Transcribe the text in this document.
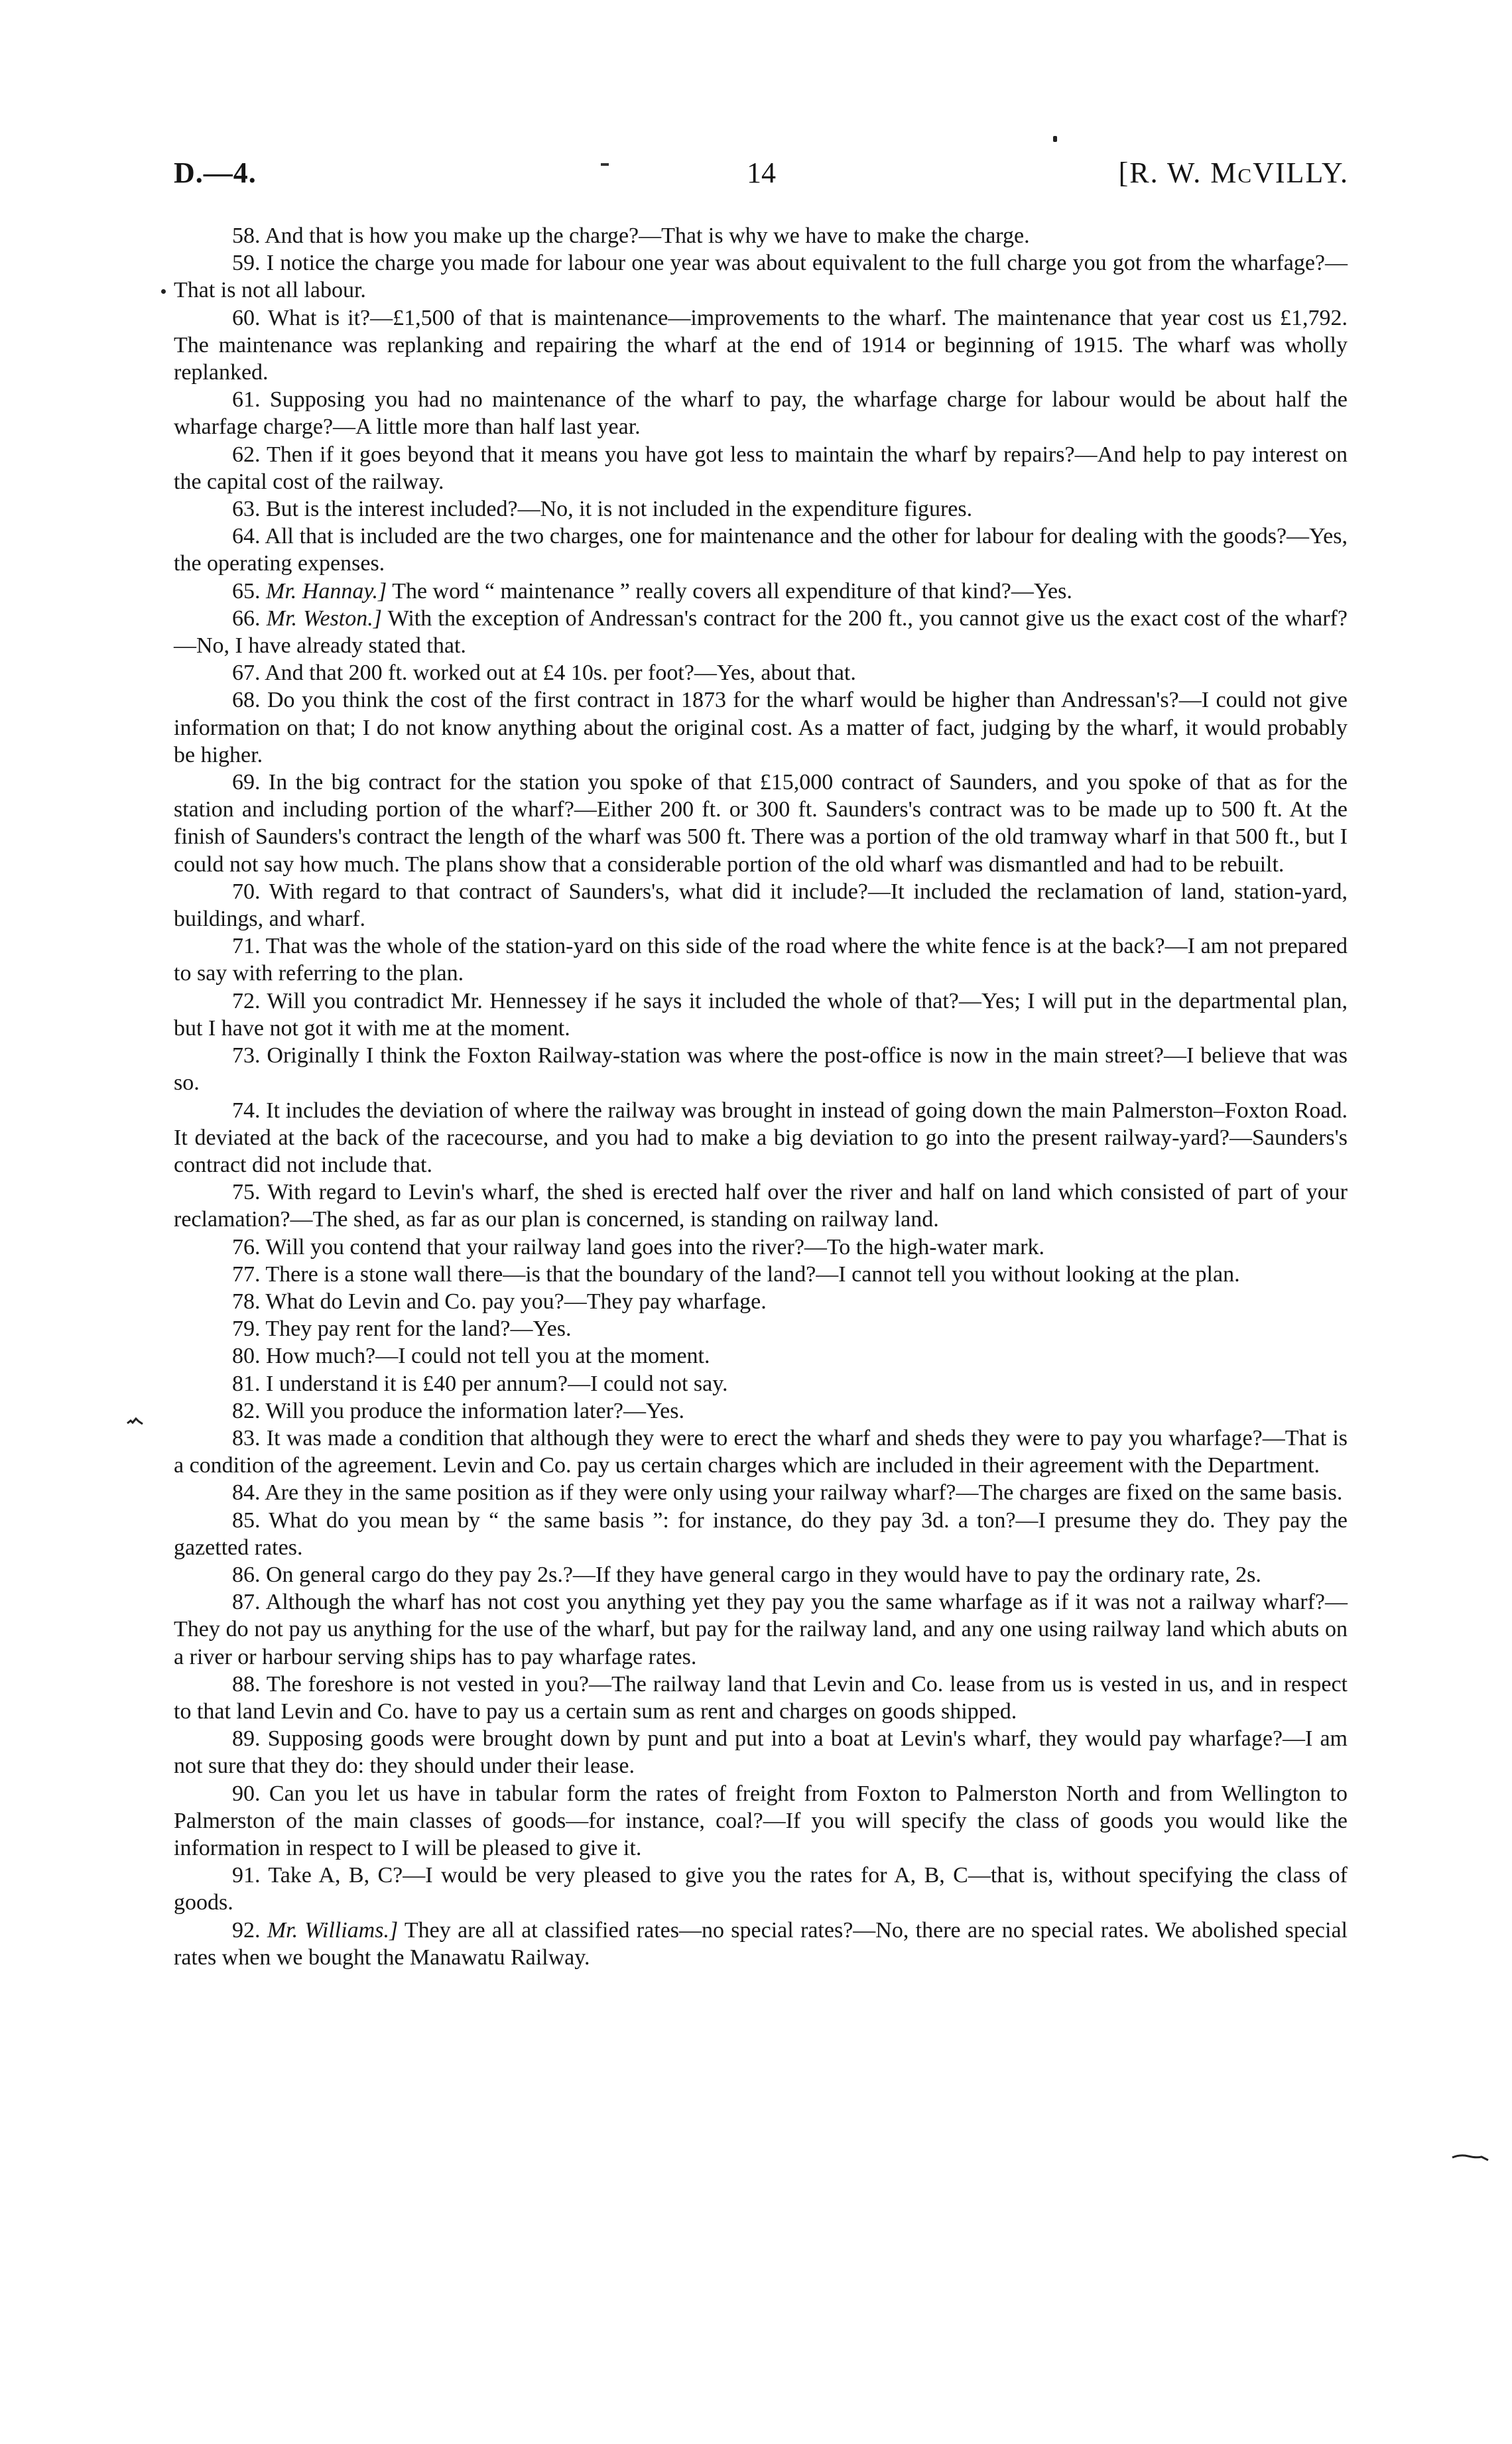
D.—4.	14	[R. W. McVILLY.

58. And that is how you make up the charge?—That is why we have to make the charge.

59. I notice the charge you made for labour one year was about equivalent to the full charge you got from the wharfage?—That is not all labour.

60. What is it?—£1,500 of that is maintenance—improvements to the wharf. The maintenance that year cost us £1,792. The maintenance was replanking and repairing the wharf at the end of 1914 or beginning of 1915. The wharf was wholly replanked.

61. Supposing you had no maintenance of the wharf to pay, the wharfage charge for labour would be about half the wharfage charge?—A little more than half last year.

62. Then if it goes beyond that it means you have got less to maintain the wharf by repairs?—And help to pay interest on the capital cost of the railway.

63. But is the interest included?—No, it is not included in the expenditure figures.

64. All that is included are the two charges, one for maintenance and the other for labour for dealing with the goods?—Yes, the operating expenses.

65. Mr. Hannay.] The word “ maintenance ” really covers all expenditure of that kind?—Yes.

66. Mr. Weston.] With the exception of Andressan's contract for the 200 ft., you cannot give us the exact cost of the wharf?—No, I have already stated that.

67. And that 200 ft. worked out at £4 10s. per foot?—Yes, about that.

68. Do you think the cost of the first contract in 1873 for the wharf would be higher than Andressan's?—I could not give information on that; I do not know anything about the original cost. As a matter of fact, judging by the wharf, it would probably be higher.

69. In the big contract for the station you spoke of that £15,000 contract of Saunders, and you spoke of that as for the station and including portion of the wharf?—Either 200 ft. or 300 ft. Saunders's contract was to be made up to 500 ft. At the finish of Saunders's contract the length of the wharf was 500 ft. There was a portion of the old tramway wharf in that 500 ft., but I could not say how much. The plans show that a considerable portion of the old wharf was dismantled and had to be rebuilt.

70. With regard to that contract of Saunders's, what did it include?—It included the reclamation of land, station-yard, buildings, and wharf.

71. That was the whole of the station-yard on this side of the road where the white fence is at the back?—I am not prepared to say with referring to the plan.

72. Will you contradict Mr. Hennessey if he says it included the whole of that?—Yes; I will put in the departmental plan, but I have not got it with me at the moment.

73. Originally I think the Foxton Railway-station was where the post-office is now in the main street?—I believe that was so.

74. It includes the deviation of where the railway was brought in instead of going down the main Palmerston–Foxton Road. It deviated at the back of the racecourse, and you had to make a big deviation to go into the present railway-yard?—Saunders's contract did not include that.

75. With regard to Levin's wharf, the shed is erected half over the river and half on land which consisted of part of your reclamation?—The shed, as far as our plan is concerned, is standing on railway land.

76. Will you contend that your railway land goes into the river?—To the high-water mark.

77. There is a stone wall there—is that the boundary of the land?—I cannot tell you without looking at the plan.

78. What do Levin and Co. pay you?—They pay wharfage.

79. They pay rent for the land?—Yes.

80. How much?—I could not tell you at the moment.

81. I understand it is £40 per annum?—I could not say.

82. Will you produce the information later?—Yes.

83. It was made a condition that although they were to erect the wharf and sheds they were to pay you wharfage?—That is a condition of the agreement. Levin and Co. pay us certain charges which are included in their agreement with the Department.

84. Are they in the same position as if they were only using your railway wharf?—The charges are fixed on the same basis.

85. What do you mean by “ the same basis ”: for instance, do they pay 3d. a ton?—I presume they do. They pay the gazetted rates.

86. On general cargo do they pay 2s.?—If they have general cargo in they would have to pay the ordinary rate, 2s.

87. Although the wharf has not cost you anything yet they pay you the same wharfage as if it was not a railway wharf?—They do not pay us anything for the use of the wharf, but pay for the railway land, and any one using railway land which abuts on a river or harbour serving ships has to pay wharfage rates.

88. The foreshore is not vested in you?—The railway land that Levin and Co. lease from us is vested in us, and in respect to that land Levin and Co. have to pay us a certain sum as rent and charges on goods shipped.

89. Supposing goods were brought down by punt and put into a boat at Levin's wharf, they would pay wharfage?—I am not sure that they do: they should under their lease.

90. Can you let us have in tabular form the rates of freight from Foxton to Palmerston North and from Wellington to Palmerston of the main classes of goods—for instance, coal?—If you will specify the class of goods you would like the information in respect to I will be pleased to give it.

91. Take A, B, C?—I would be very pleased to give you the rates for A, B, C—that is, without specifying the class of goods.

92. Mr. Williams.] They are all at classified rates—no special rates?—No, there are no special rates. We abolished special rates when we bought the Manawatu Railway.
